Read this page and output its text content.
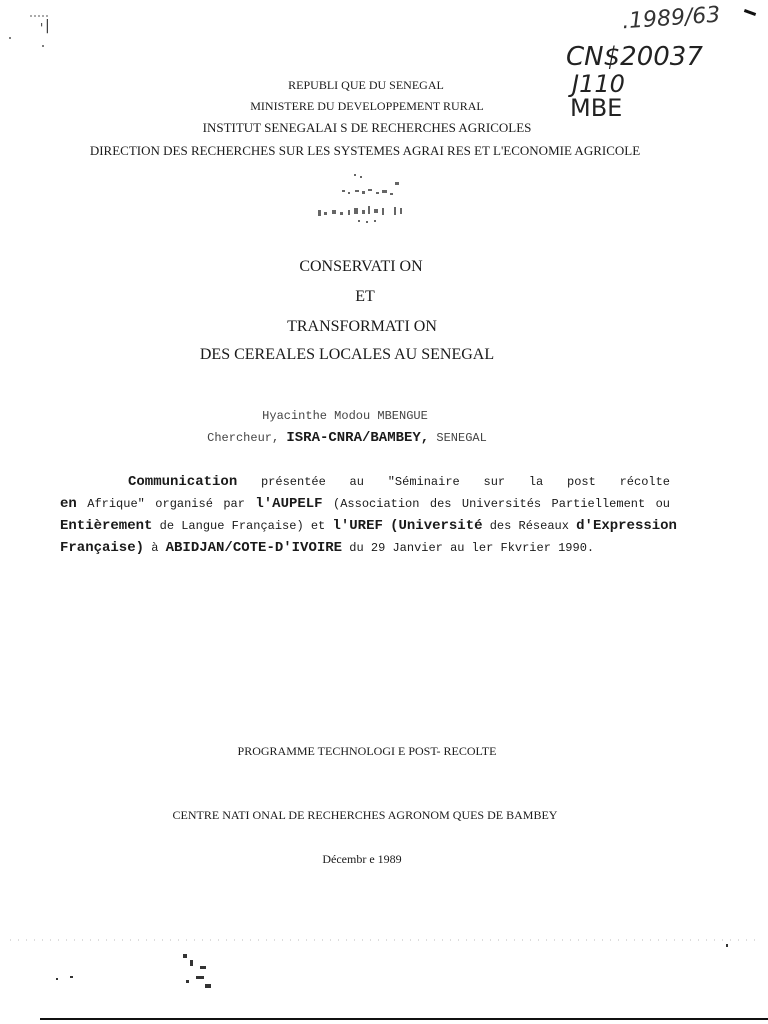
' |	.1989/63
CN$20037
J110
MBE
REPUBLI QUE DU SENEGAL
MINISTERE DU DEVELOPPEMENT RURAL
INSTITUT SENEGALAI S DE RECHERCHES AGRICOLES
DIRECTION DES RECHERCHES SUR LES SYSTEMES AGRAI RES ET L'ECONOMIE AGRICOLE
CONSERVATI ON
ET
TRANSFORMATI ON
DES CEREALES LOCALES AU SENEGAL
Hyacinthe Modou MBENGUE
Chercheur, ISRA-CNRA/BAMBEY, SENEGAL
Communication présentée au "Séminaire sur la post récolte
en Afrique" organisé par l'AUPELF (Association des Universités Partiellement ou
Entièrement de Langue Française) et l'UREF (Université des Réseaux d'Expression
Française) à ABIDJAN/COTE-D'IVOIRE du 29 Janvier au ler Fkvrier 1990.
PROGRAMME TECHNOLOGI E POST- RECOLTE
CENTRE NATI ONAL DE RECHERCHES AGRONOM QUES DE BAMBEY
Décembr e 1989
